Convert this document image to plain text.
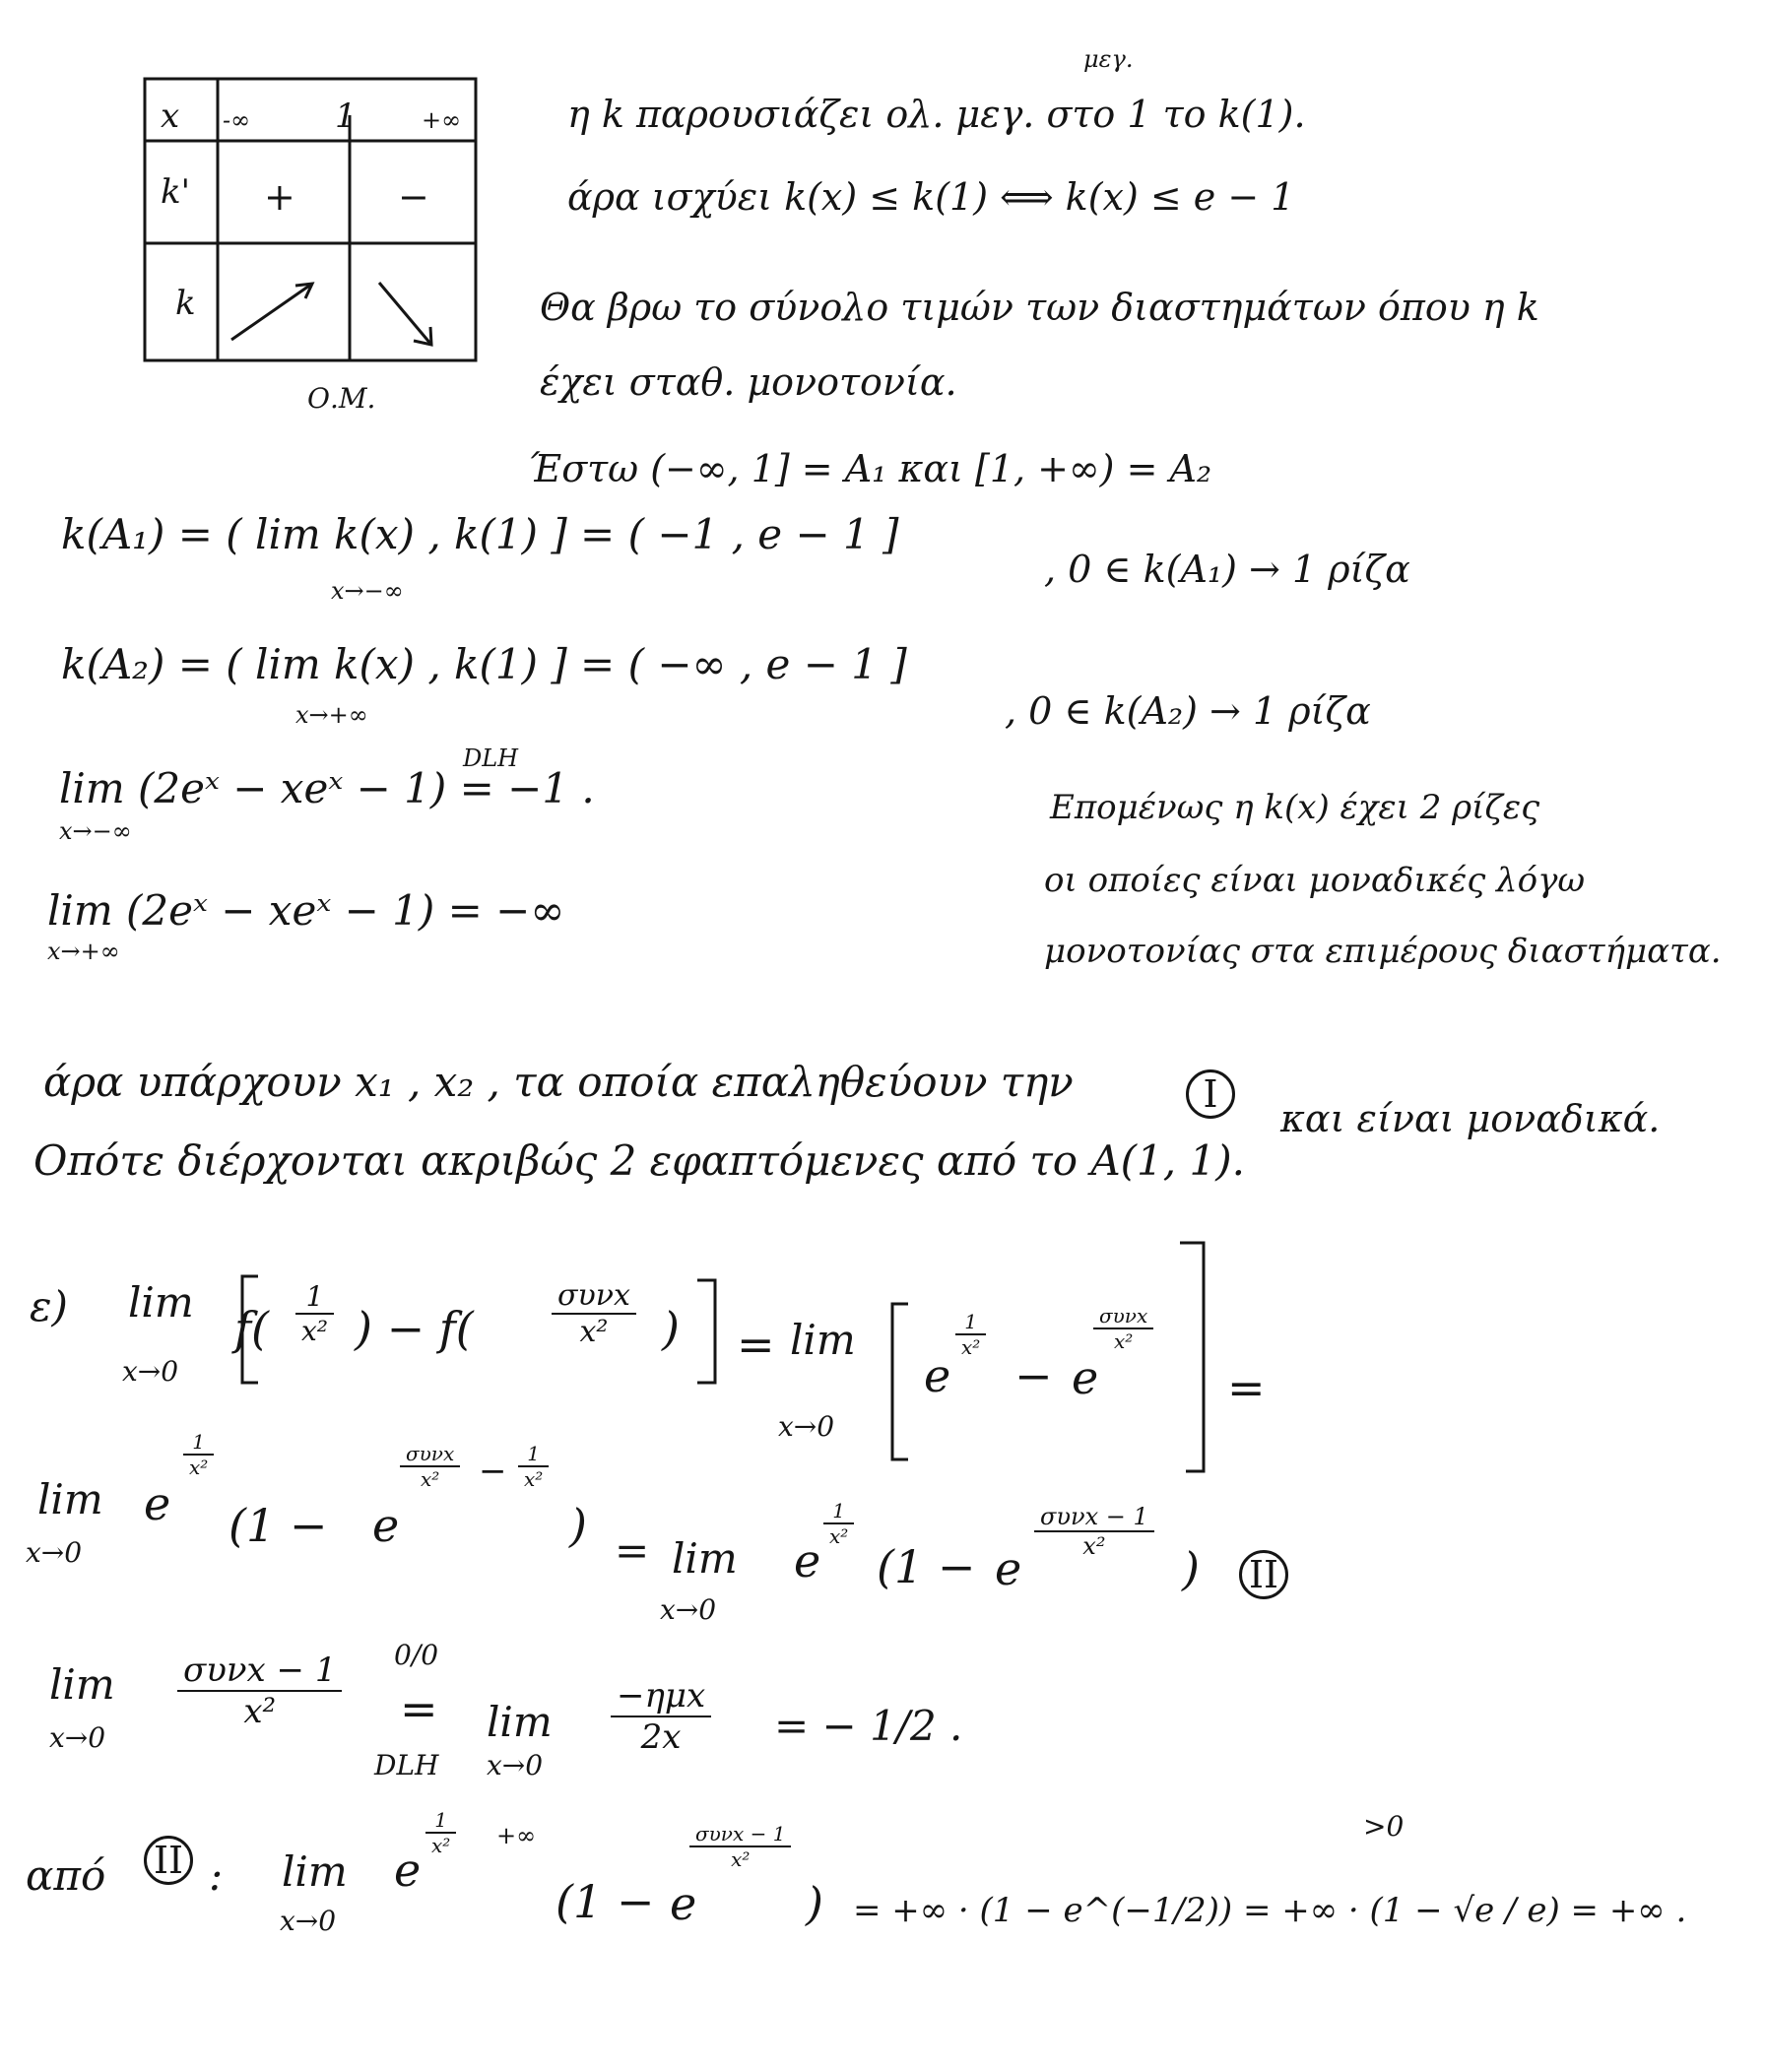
x -∞	1	+∞
k' +	−
k
Ο.Μ.
μεγ.
η k παρουσιάζει ολ. μεγ. στο 1 το k(1).
άρα ισχύει k(x) ≤ k(1) ⟺ k(x) ≤ e − 1
Θα βρω το σύνολο τιμών των διαστημάτων όπου η k
έχει σταθ. μονοτονία.
Έστω (−∞, 1] = A₁ και [1, +∞) = A₂
k(A₁) = ( lim k(x) , k(1) ] = ( −1 , e − 1 ]
x→−∞	, 0 ∈ k(A₁) → 1 ρίζα
k(A₂) = ( lim k(x) , k(1) ] = ( −∞ , e − 1 ]
x→+∞	, 0 ∈ k(A₂) → 1 ρίζα
DLH
lim (2eˣ − xeˣ − 1) = −1 .
x→−∞
lim (2eˣ − xeˣ − 1) = −∞
x→+∞
Επομένως η k(x) έχει 2 ρίζες
οι οποίες είναι μοναδικές λόγω
μονοτονίας στα επιμέρους διαστήματα.
άρα υπάρχουν x₁ , x₂ , τα οποία επαληθεύουν την	I
και είναι μοναδικά.
Οπότε διέρχονται ακριβώς 2 εφαπτόμενες από το A(1, 1).
ε) lim
x→0
$f( \frac{1}{\text{x²}}$ ) − f(
συνx
x²	) = lim
x→0
e
$\frac{1}{\text{x²}}$
− e
συνx
x²
=
lim
x→0
e
$\frac{1}{\text{x²}}$
(1 − e
συνx
x²	− $\frac{1}{\text{x²}}$
) = lim
x→0
e
$\frac{1}{\text{x²}}$
(1 − e
συνx − 1
x²	) II
lim
x→0
συνx − 1
x²
0/0
=
DLH
lim
x→0
−ημx
2x	= − 1/2 .
>0
από II : lim
x→0
e
$\frac{1}{\text{x²}}$ +∞
(1 − e
συνx − 1
x²
) = +∞ · (1 − e^(−1/2)) = +∞ · (1 − √e / e) = +∞ .
